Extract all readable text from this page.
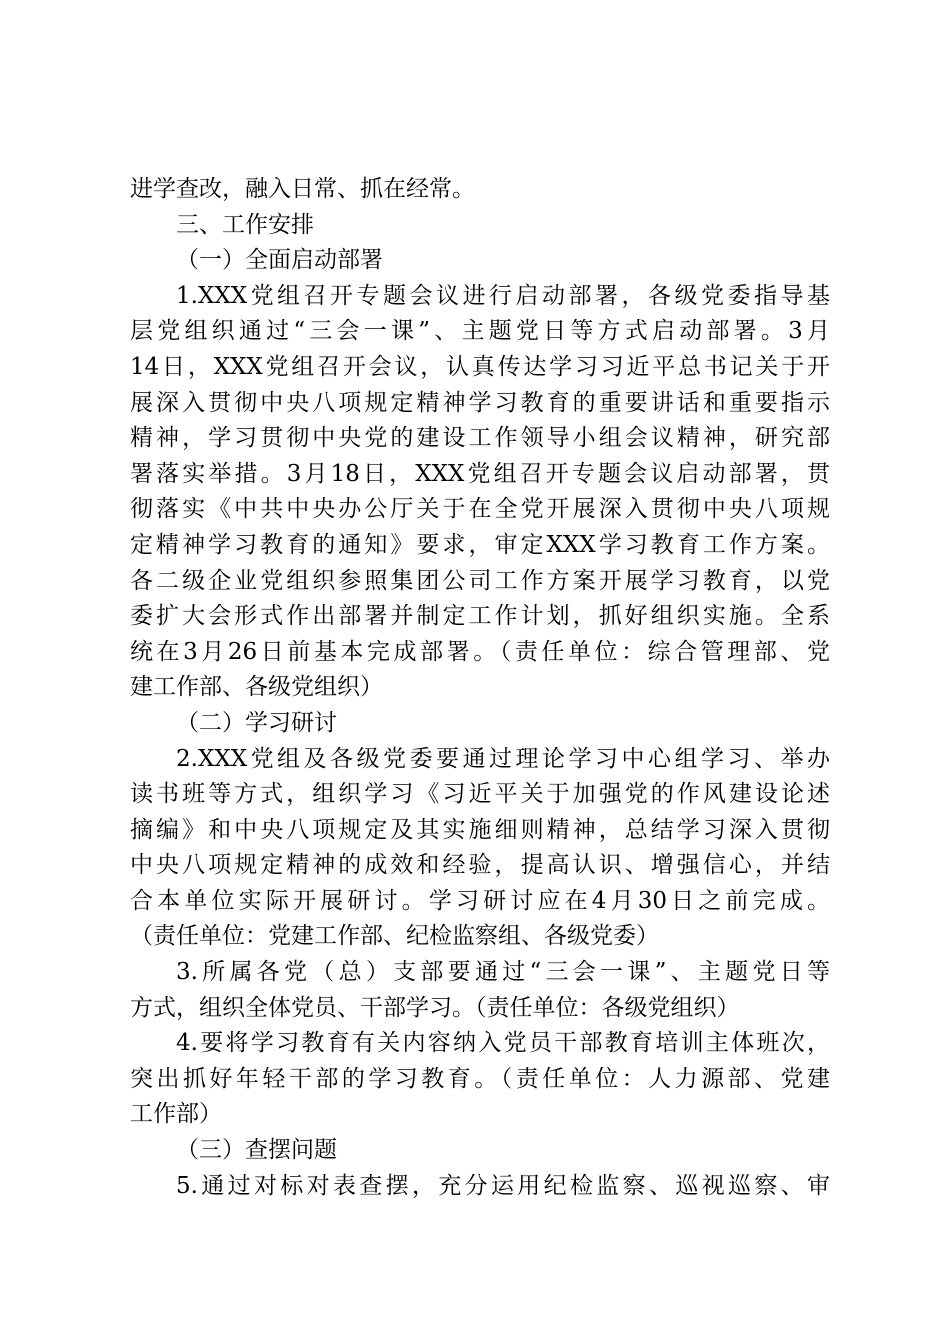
进学查改，融入日常、抓在经常。
三、工作安排
（一）全面启动部署
1.XXX党组召开专题会议进行启动部署，各级党委指导基
层党组织通过“三会一课”、主题党日等方式启动部署。3月
14日，XXX党组召开会议，认真传达学习习近平总书记关于开
展深入贯彻中央八项规定精神学习教育的重要讲话和重要指示
精神，学习贯彻中央党的建设工作领导小组会议精神，研究部
署落实举措。3月18日，XXX党组召开专题会议启动部署，贯
彻落实《中共中央办公厅关于在全党开展深入贯彻中央八项规
定精神学习教育的通知》要求，审定XXX学习教育工作方案。
各二级企业党组织参照集团公司工作方案开展学习教育，以党
委扩大会形式作出部署并制定工作计划，抓好组织实施。全系
统在3月26日前基本完成部署。（责任单位：综合管理部、党
建工作部、各级党组织）
（二）学习研讨
2.XXX党组及各级党委要通过理论学习中心组学习、举办
读书班等方式，组织学习《习近平关于加强党的作风建设论述
摘编》和中央八项规定及其实施细则精神，总结学习深入贯彻
中央八项规定精神的成效和经验，提高认识、增强信心，并结
合本单位实际开展研讨。学习研讨应在4月30日之前完成。
（责任单位：党建工作部、纪检监察组、各级党委）
3.所属各党（总）支部要通过“三会一课”、主题党日等
方式，组织全体党员、干部学习。（责任单位：各级党组织）
4.要将学习教育有关内容纳入党员干部教育培训主体班次，
突出抓好年轻干部的学习教育。（责任单位：人力源部、党建
工作部）
（三）查摆问题
5.通过对标对表查摆，充分运用纪检监察、巡视巡察、审
